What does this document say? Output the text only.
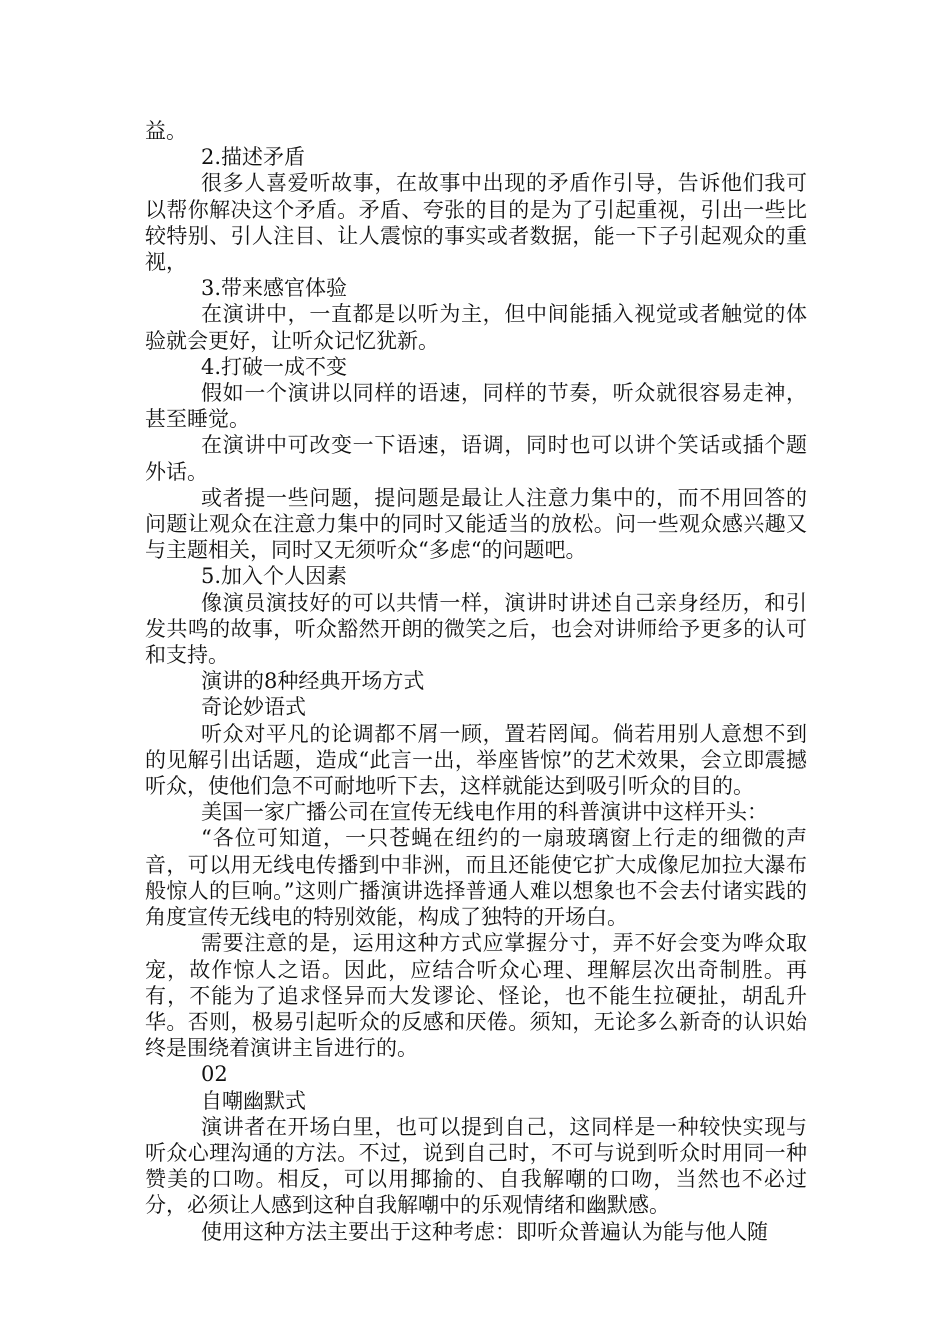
益。

2.描述矛盾

很多人喜爱听故事，在故事中出现的矛盾作引导，告诉他们我可以帮你解决这个矛盾。矛盾、夸张的目的是为了引起重视，引出一些比较特别、引人注目、让人震惊的事实或者数据，能一下子引起观众的重视，

3.带来感官体验

在演讲中，一直都是以听为主，但中间能插入视觉或者触觉的体验就会更好，让听众记忆犹新。

4.打破一成不变

假如一个演讲以同样的语速，同样的节奏，听众就很容易走神，甚至睡觉。

在演讲中可改变一下语速，语调，同时也可以讲个笑话或插个题外话。

或者提一些问题，提问题是最让人注意力集中的，而不用回答的问题让观众在注意力集中的同时又能适当的放松。问一些观众感兴趣又与主题相关，同时又无须听众“多虑“的问题吧。

5.加入个人因素

像演员演技好的可以共情一样，演讲时讲述自己亲身经历，和引发共鸣的故事，听众豁然开朗的微笑之后，也会对讲师给予更多的认可和支持。

演讲的8种经典开场方式

奇论妙语式

听众对平凡的论调都不屑一顾，置若罔闻。倘若用别人意想不到的见解引出话题，造成“此言一出，举座皆惊”的艺术效果，会立即震撼听众，使他们急不可耐地听下去，这样就能达到吸引听众的目的。

美国一家广播公司在宣传无线电作用的科普演讲中这样开头：

“各位可知道，一只苍蝇在纽约的一扇玻璃窗上行走的细微的声音，可以用无线电传播到中非洲，而且还能使它扩大成像尼加拉大瀑布般惊人的巨响。”这则广播演讲选择普通人难以想象也不会去付诸实践的角度宣传无线电的特别效能，构成了独特的开场白。

需要注意的是，运用这种方式应掌握分寸，弄不好会变为哗众取宠，故作惊人之语。因此，应结合听众心理、理解层次出奇制胜。再有，不能为了追求怪异而大发谬论、怪论，也不能生拉硬扯，胡乱升华。否则，极易引起听众的反感和厌倦。须知，无论多么新奇的认识始终是围绕着演讲主旨进行的。

02

自嘲幽默式

演讲者在开场白里，也可以提到自己，这同样是一种较快实现与听众心理沟通的方法。不过，说到自己时，不可与说到听众时用同一种赞美的口吻。相反，可以用揶揄的、自我解嘲的口吻，当然也不必过分，必须让人感到这种自我解嘲中的乐观情绪和幽默感。

使用这种方法主要出于这种考虑：即听众普遍认为能与他人随
